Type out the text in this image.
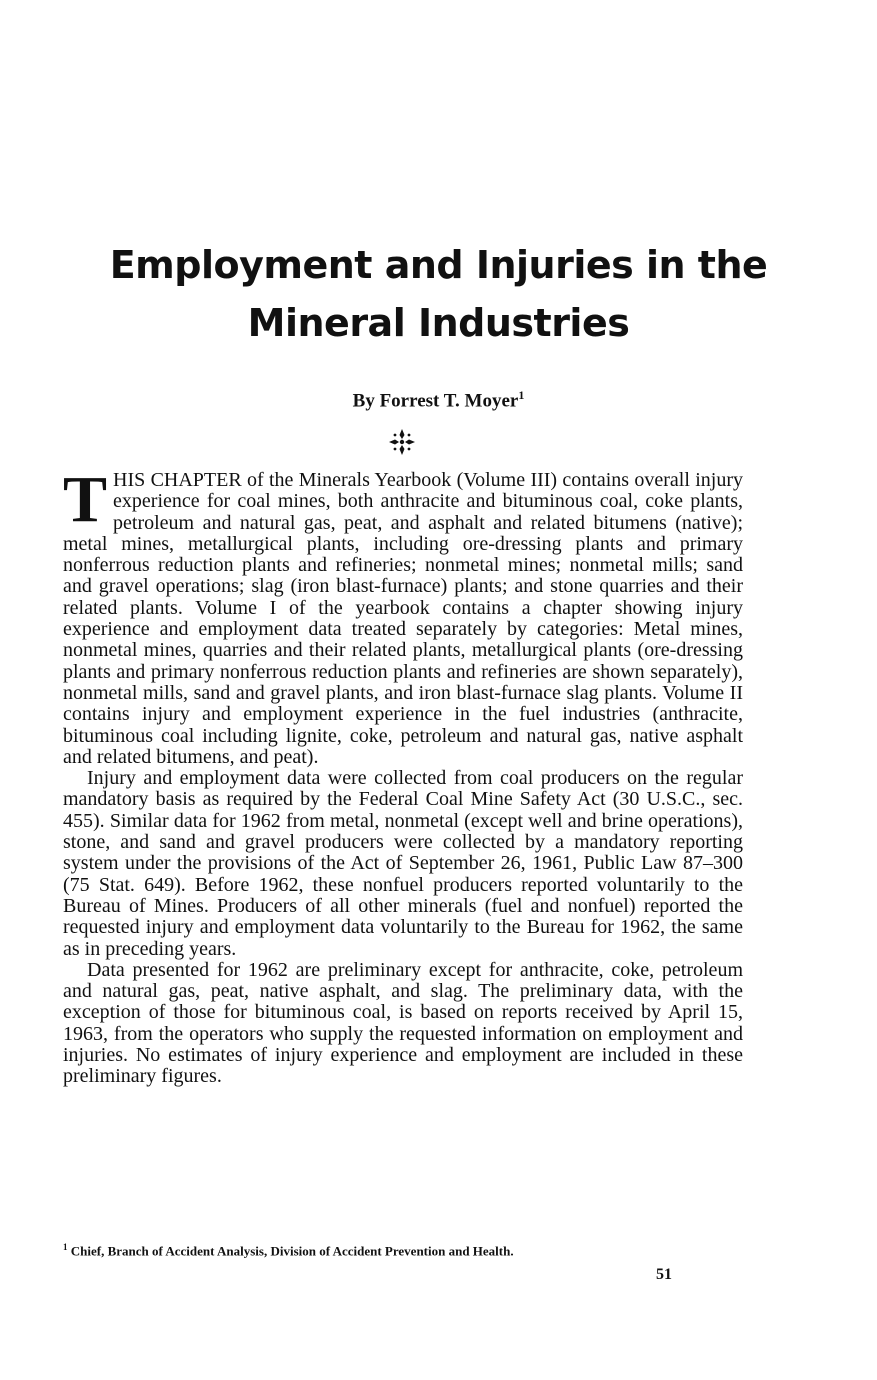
Employment and Injuries in the
Mineral Industries
By Forrest T. Moyer$^1$

THIS CHAPTER of the Minerals Yearbook (Volume III) contains overall injury experience for coal mines, both anthracite and bituminous coal, coke plants, petroleum and natural gas, peat, and asphalt and related bitumens (native); metal mines, metallurgical plants, including ore-dressing plants and primary nonferrous reduction plants and refineries; nonmetal mines; nonmetal mills; sand and gravel operations; slag (iron blast-furnace) plants; and stone quarries and their related plants. Volume I of the yearbook contains a chapter showing injury experience and employment data treated separately by categories: Metal mines, nonmetal mines, quarries and their related plants, metallurgical plants (ore-dressing plants and primary nonferrous reduction plants and refineries are shown separately), nonmetal mills, sand and gravel plants, and iron blast-furnace slag plants. Volume II contains injury and employment experience in the fuel industries (anthracite, bituminous coal including lignite, coke, petroleum and natural gas, native asphalt and related bitumens, and peat).

Injury and employment data were collected from coal producers on the regular mandatory basis as required by the Federal Coal Mine Safety Act (30 U.S.C., sec. 455). Similar data for 1962 from metal, nonmetal (except well and brine operations), stone, and sand and gravel producers were collected by a mandatory reporting system under the provisions of the Act of September 26, 1961, Public Law 87–300 (75 Stat. 649). Before 1962, these nonfuel producers reported voluntarily to the Bureau of Mines. Producers of all other minerals (fuel and nonfuel) reported the requested injury and employment data voluntarily to the Bureau for 1962, the same as in preceding years.

Data presented for 1962 are preliminary except for anthracite, coke, petroleum and natural gas, peat, native asphalt, and slag. The preliminary data, with the exception of those for bituminous coal, is based on reports received by April 15, 1963, from the operators who supply the requested information on employment and injuries. No estimates of injury experience and employment are included in these preliminary figures.

$^1$ Chief, Branch of Accident Analysis, Division of Accident Prevention and Health.
51
